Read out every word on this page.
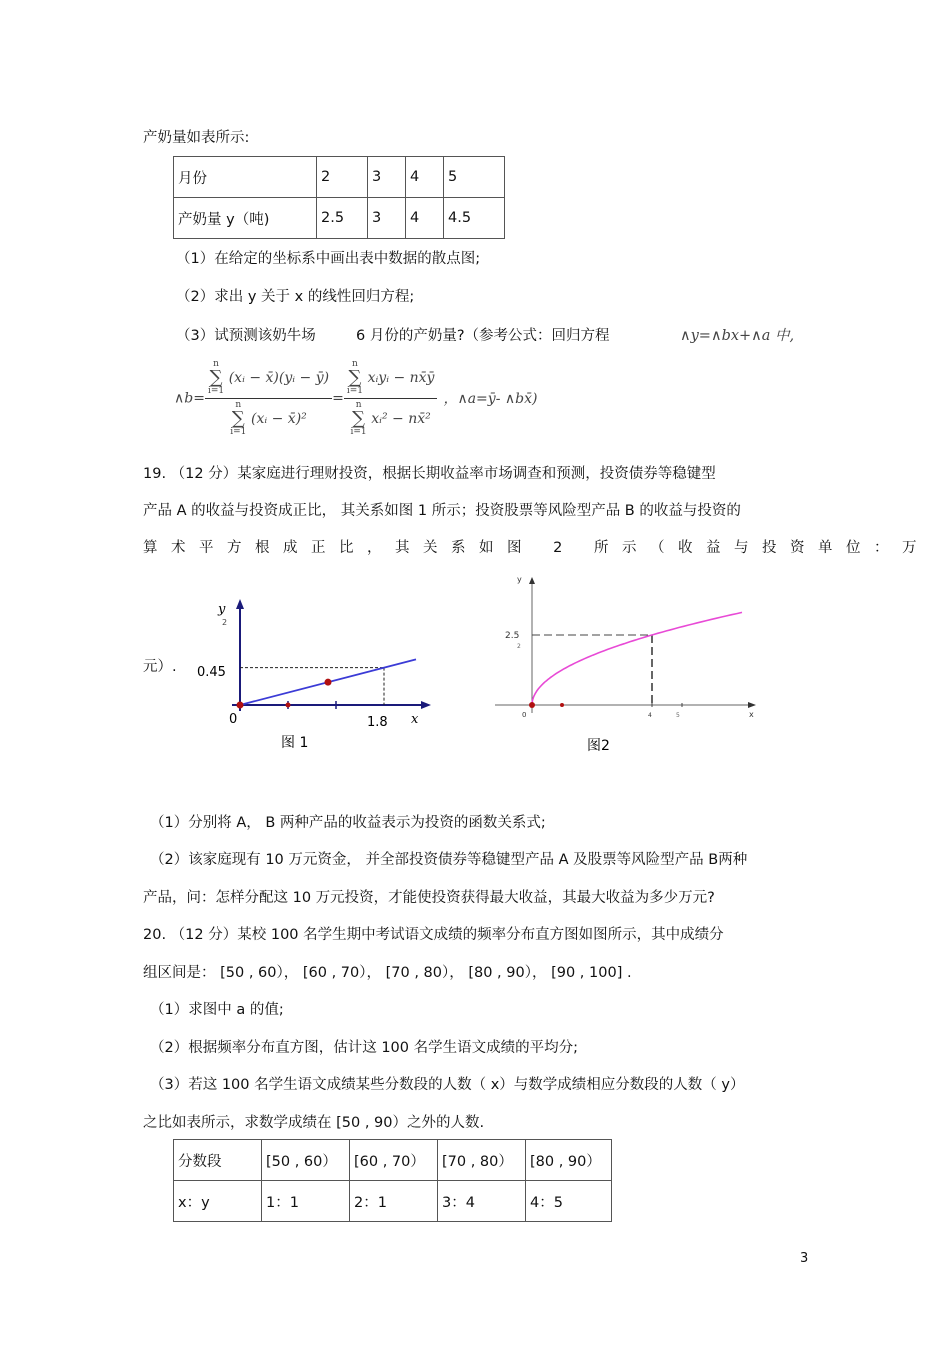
产奶量如表所示:
月份	2	3	4	5
产奶量 y（吨)	2.5	3	4	4.5
（1）在给定的坐标系中画出表中数据的散点图;
（2）求出 y 关于 x 的线性回归方程;
（3）试预测该奶牛场	6 月份的产奶量?（参考公式：回归方程	∧y=∧bx+∧a 中,
∧b= n
∑
i=1
(xᵢ − x̄)(yᵢ − ȳ)
n
∑
i=1
(xᵢ − x̄)² = n
∑
i=1
xᵢyᵢ − nx̄ȳ
n
∑
i=1
xᵢ² − nx̄² ，∧a=ȳ- ∧bx̄)
19. （12 分）某家庭进行理财投资，根据长期收益率市场调查和预测，投资债券等稳键型
产品 A 的收益与投资成正比， 其关系如图 1 所示；投资股票等风险型产品 B 的收益与投资的
算术平方根成正比，其关系如图 2 所示（收益与投资单位：万
元）.
y
2
0.45
0	1.8 x
图 1
y
2.5
2
0	4	5	x
图2
（1）分别将 A， B 两种产品的收益表示为投资的函数关系式;
（2）该家庭现有 10 万元资金， 并全部投资债券等稳键型产品 A 及股票等风险型产品 B两种
产品，问：怎样分配这 10 万元投资，才能使投资获得最大收益，其最大收益为多少万元?
20. （12 分）某校 100 名学生期中考试语文成绩的频率分布直方图如图所示，其中成绩分
组区间是： [50 , 60）， [60 , 70）， [70 , 80）， [80 , 90）， [90 , 100] .
（1）求图中 a 的值;
（2）根据频率分布直方图，估计这 100 名学生语文成绩的平均分;
（3）若这 100 名学生语文成绩某些分数段的人数（ x）与数学成绩相应分数段的人数（ y）
之比如表所示，求数学成绩在 [50 , 90）之外的人数.
分数段	[50 , 60）	[60 , 70）	[70 , 80）	[80 , 90）
x：y	1：1	2：1	3：4	4：5
3
